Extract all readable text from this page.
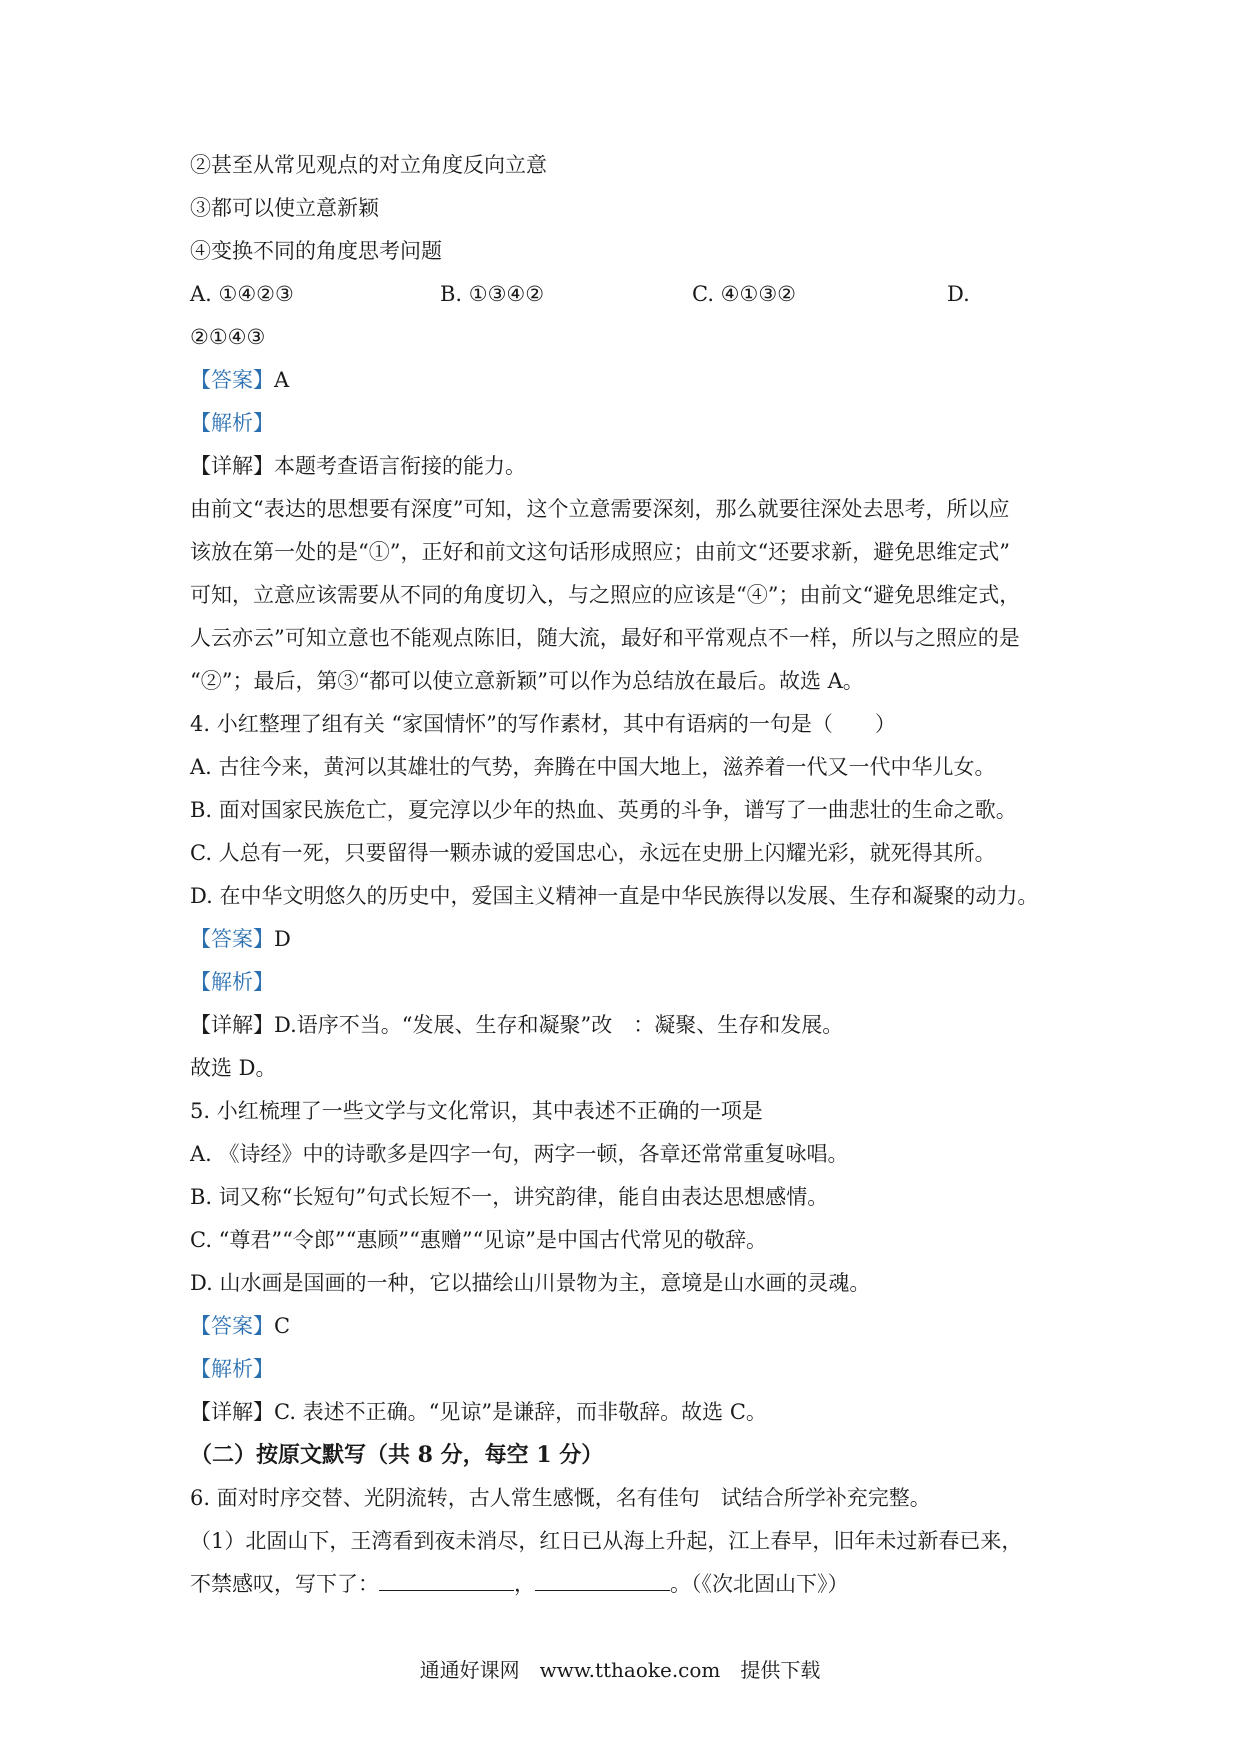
②甚至从常见观点的对立角度反向立意
③都可以使立意新颖
④变换不同的角度思考问题
A. ①④②③	B. ①③④②	C. ④①③②	D.
②①④③
【答案】A
【解析】
【详解】本题考查语言衔接的能力。
由前文“表达的思想要有深度”可知，这个立意需要深刻，那么就要往深处去思考，所以应
该放在第一处的是“①”，正好和前文这句话形成照应；由前文“还要求新，避免思维定式”
可知，立意应该需要从不同的角度切入，与之照应的应该是“④”；由前文“避免思维定式，
人云亦云”可知立意也不能观点陈旧，随大流，最好和平常观点不一样，所以与之照应的是
“②”；最后，第③“都可以使立意新颖”可以作为总结放在最后。故选 A。
4. 小红整理了组有关 “家国情怀”的写作素材，其中有语病的一句是（　　）
A. 古往今来，黄河以其雄壮的气势，奔腾在中国大地上，滋养着一代又一代中华儿女。
B. 面对国家民族危亡，夏完淳以少年的热血、英勇的斗争，谱写了一曲悲壮的生命之歌。
C. 人总有一死，只要留得一颗赤诚的爱国忠心，永远在史册上闪耀光彩，就死得其所。
D. 在中华文明悠久的历史中，爱国主义精神一直是中华民族得以发展、生存和凝聚的动力。
【答案】D
【解析】
【详解】D.语序不当。“发展、生存和凝聚”改　：凝聚、生存和发展。
故选 D。
5. 小红梳理了一些文学与文化常识，其中表述不正确的一项是
A. 《诗经》中的诗歌多是四字一句，两字一顿，各章还常常重复咏唱。
B. 词又称“长短句”句式长短不一，讲究韵律，能自由表达思想感情。
C. “尊君”“令郎”“惠顾”“惠赠”“见谅”是中国古代常见的敬辞。
D. 山水画是国画的一种，它以描绘山川景物为主，意境是山水画的灵魂。
【答案】C
【解析】
【详解】C. 表述不正确。“见谅”是谦辞，而非敬辞。故选 C。
（二）按原文默写（共 8 分，每空 1 分）
6. 面对时序交替、光阴流转，古人常生感慨，名有佳句　试结合所学补充完整。
（1）北固山下，王湾看到夜未消尽，红日已从海上升起，江上春早，旧年未过新春已来，
不禁感叹，写下了：	，	。（《次北固山下》）
通通好课网　www.tthaoke.com　提供下载
